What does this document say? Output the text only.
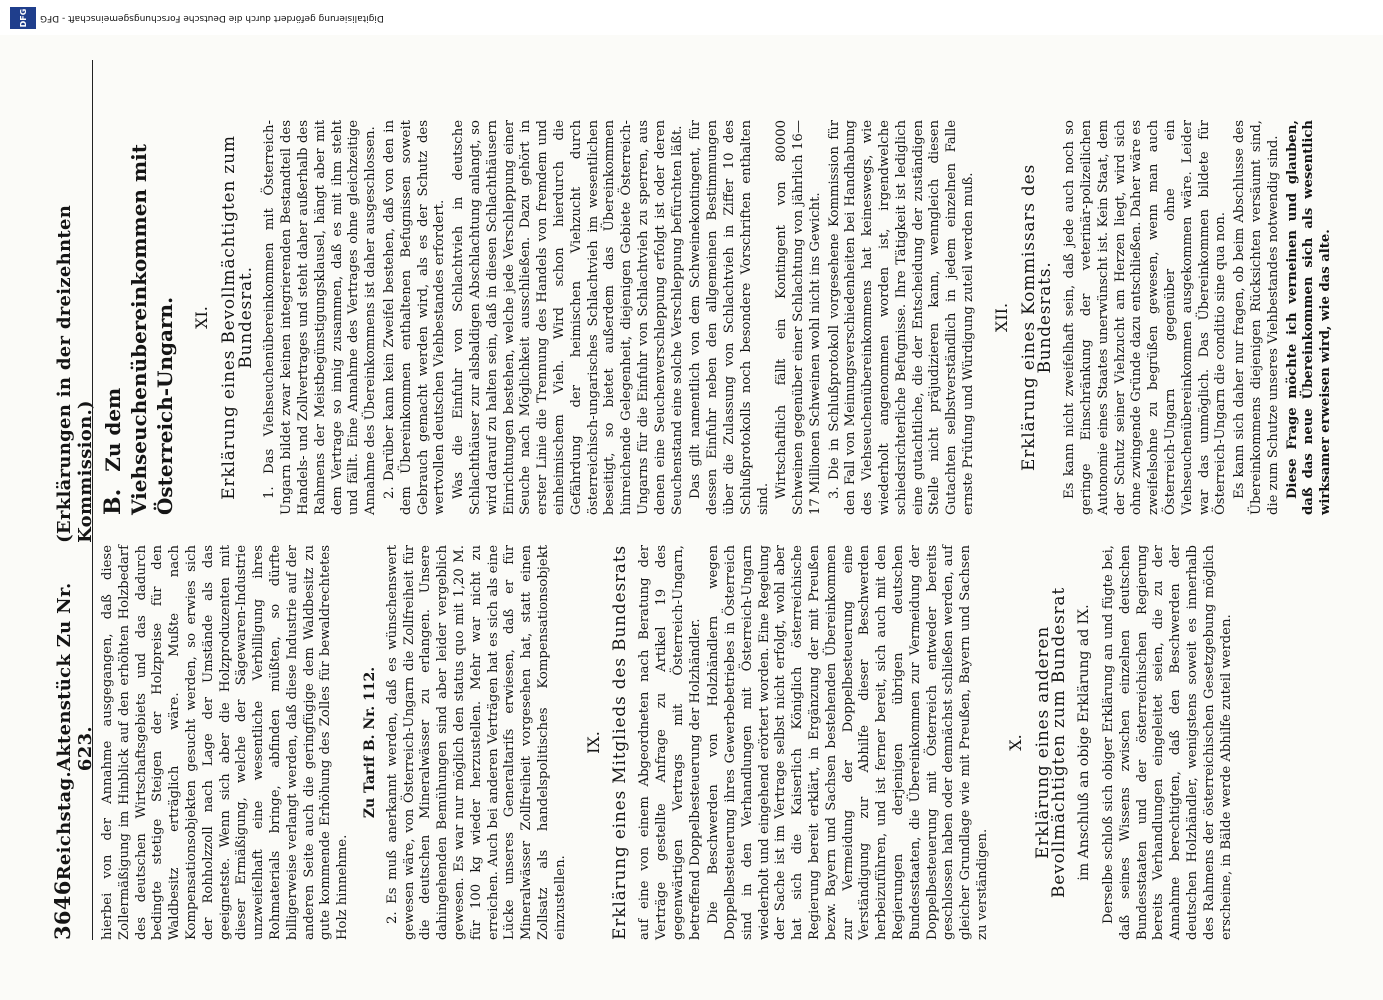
3646
Reichstag.
Aktenstück Zu Nr. 623.
(Erklärungen in der dreizehnten Kommission.)

hierbei von der Annahme ausgegangen, daß diese Zollermäßigung im Hinblick auf den erhöhten Holzbedarf des deutschen Wirtschaftsgebiets und das dadurch bedingte stetige Steigen der Holzpreise für den Waldbesitz erträglich wäre. Mußte nach Kompensationsobjekten gesucht werden, so erwies sich der Rohholzzoll nach Lage der Umstände als das geeignetste. Wenn sich aber die Holzproduzenten mit dieser Ermäßigung, welche der Sägewaren-Industrie unzweifelhaft eine wesentliche Verbilligung ihres Rohmaterials bringe, abfinden müßten, so dürfte billigerweise verlangt werden, daß diese Industrie auf der anderen Seite auch die geringfügige dem Waldbesitz zu gute kommende Erhöhung des Zolles für bewaldrechtetes Holz hinnehme.

Zu Tarif B. Nr. 112. 2. Es muß anerkannt werden, daß es wünschenswert gewesen wäre, von Österreich-Ungarn die Zollfreiheit für die deutschen Mineralwässer zu erlangen. Unsere dahingehenden Bemühungen sind aber leider vergeblich gewesen. Es war nur möglich den status quo mit 1,20 M. für 100 kg wieder herzustellen. Mehr war nicht zu erreichen. Auch bei anderen Verträgen hat es sich als eine Lücke unseres Generaltarifs erwiesen, daß er für Mineralwässer Zollfreiheit vorgesehen hat, statt einen Zollsatz als handelspolitisches Kompensationsobjekt einzustellen.

IX. Erklärung eines Mitglieds des Bundesrats auf eine von einem Abgeordneten nach Beratung der Verträge gestellte Anfrage zu Artikel 19 des gegenwärtigen Vertrags mit Österreich-Ungarn, betreffend Doppelbesteuerung der Holzhändler. Die Beschwerden von Holzhändlern wegen Doppelbesteuerung ihres Gewerbebetriebes in Österreich sind in den Verhandlungen mit Österreich-Ungarn wiederholt und eingehend erörtert worden. Eine Regelung der Sache ist im Vertrage selbst nicht erfolgt, wohl aber hat sich die Kaiserlich Königlich österreichische Regierung bereit erklärt, in Ergänzung der mit Preußen bezw. Bayern und Sachsen bestehenden Übereinkommen zur Vermeidung der Doppelbesteuerung eine Verständigung zur Abhilfe dieser Beschwerden herbeizuführen, und ist ferner bereit, sich auch mit den Regierungen derjenigen übrigen deutschen Bundesstaaten, die Übereinkommen zur Vermeidung der Doppelbesteuerung mit Österreich entweder bereits geschlossen haben oder demnächst schließen werden, auf gleicher Grundlage wie mit Preußen, Bayern und Sachsen zu verständigen.

X. Erklärung eines anderen Bevollmächtigten zum Bundesrat im Anschluß an obige Erklärung ad IX. Derselbe schloß sich obiger Erklärung an und fügte bei, daß seines Wissens zwischen einzelnen deutschen Bundesstaaten und der österreichischen Regierung bereits Verhandlungen eingeleitet seien, die zu der Annahme berechtigten, daß den Beschwerden der deutschen Holzhändler, wenigstens soweit es innerhalb des Rahmens der österreichischen Gesetzgebung möglich erscheine, in Bälde werde Abhilfe zuteil werden.

B. Zu dem Viehseuchenübereinkommen mit Österreich-Ungarn. XI. Erklärung eines Bevollmächtigten zum Bundesrat. 1. Das Viehseuchenübereinkommen mit Österreich-Ungarn bildet zwar keinen integrierenden Bestandteil des Handels- und Zollvertrages und steht daher außerhalb des Rahmens der Meistbegünstigungsklausel, hängt aber mit dem Vertrage so innig zusammen, daß es mit ihm steht und fällt. Eine Annahme des Vertrages ohne gleichzeitige Annahme des Übereinkommens ist daher ausgeschlossen. 2. Darüber kann kein Zweifel bestehen, daß von den in dem Übereinkommen enthaltenen Befugnissen soweit Gebrauch gemacht werden wird, als es der Schutz des wertvollen deutschen Viehbestandes erfordert. Was die Einfuhr von Schlachtvieh in deutsche Schlachthäuser zur alsbaldigen Abschlachtung anlangt, so wird darauf zu halten sein, daß in diesen Schlachthäusern Einrichtungen bestehen, welche jede Verschleppung einer Seuche nach Möglichkeit ausschließen. Dazu gehört in erster Linie die Trennung des Handels von fremdem und einheimischem Vieh. Wird schon hierdurch die Gefährdung der heimischen Viehzucht durch österreichisch-ungarisches Schlachtvieh im wesentlichen beseitigt, so bietet außerdem das Übereinkommen hinreichende Gelegenheit, diejenigen Gebiete Österreich-Ungarns für die Einfuhr von Schlachtvieh zu sperren, aus denen eine Seuchenverschleppung erfolgt ist oder deren Seuchenstand eine solche Verschleppung befürchten läßt. Das gilt namentlich von dem Schweinekontingent, für dessen Einfuhr neben den allgemeinen Bestimmungen über die Zulassung von Schlachtvieh in Ziffer 10 des Schlußprotokolls noch besondere Vorschriften enthalten sind. Wirtschaftlich fällt ein Kontingent von 80000 Schweinen gegenüber einer Schlachtung von jährlich 16—17 Millionen Schweinen wohl nicht ins Gewicht. 3. Die in Schlußprotokoll vorgesehene Kommission für den Fall von Meinungsverschiedenheiten bei Handhabung des Viehseuchenübereinkommens hat keineswegs, wie wiederholt angenommen worden ist, irgendwelche schiedsrichterliche Befugnisse. Ihre Tätigkeit ist lediglich eine gutachtliche, die der Entscheidung der zuständigen Stelle nicht präjudizieren kann, wenngleich diesen Gutachten selbstverständlich in jedem einzelnen Falle ernste Prüfung und Würdigung zuteil werden muß. XII. Erklärung eines Kommissars des Bundesrats. Es kann nicht zweifelhaft sein, daß jede auch noch so geringe Einschränkung der veterinär-polizeilichen Autonomie eines Staates unerwünscht ist. Kein Staat, dem der Schutz seiner Viehzucht am Herzen liegt, wird sich ohne zwingende Gründe dazu entschließen. Daher wäre es zweifelsohne zu begrüßen gewesen, wenn man auch Österreich-Ungarn gegenüber ohne ein Viehseuchenübereinkommen ausgekommen wäre. Leider war das unmöglich. Das Übereinkommen bildete für Österreich-Ungarn die conditio sine qua non. Es kann sich daher nur fragen, ob beim Abschlusse des Übereinkommens diejenigen Rücksichten versäumt sind, die zum Schutze unseres Viehbestandes notwendig sind. Diese Frage möchte ich verneinen und glauben, daß das neue Übereinkommen sich als wesentlich wirksamer erweisen wird, wie das alte.

DFG	Digitalisierung gefördert durch die Deutsche Forschungsgemeinschaft - DFG
